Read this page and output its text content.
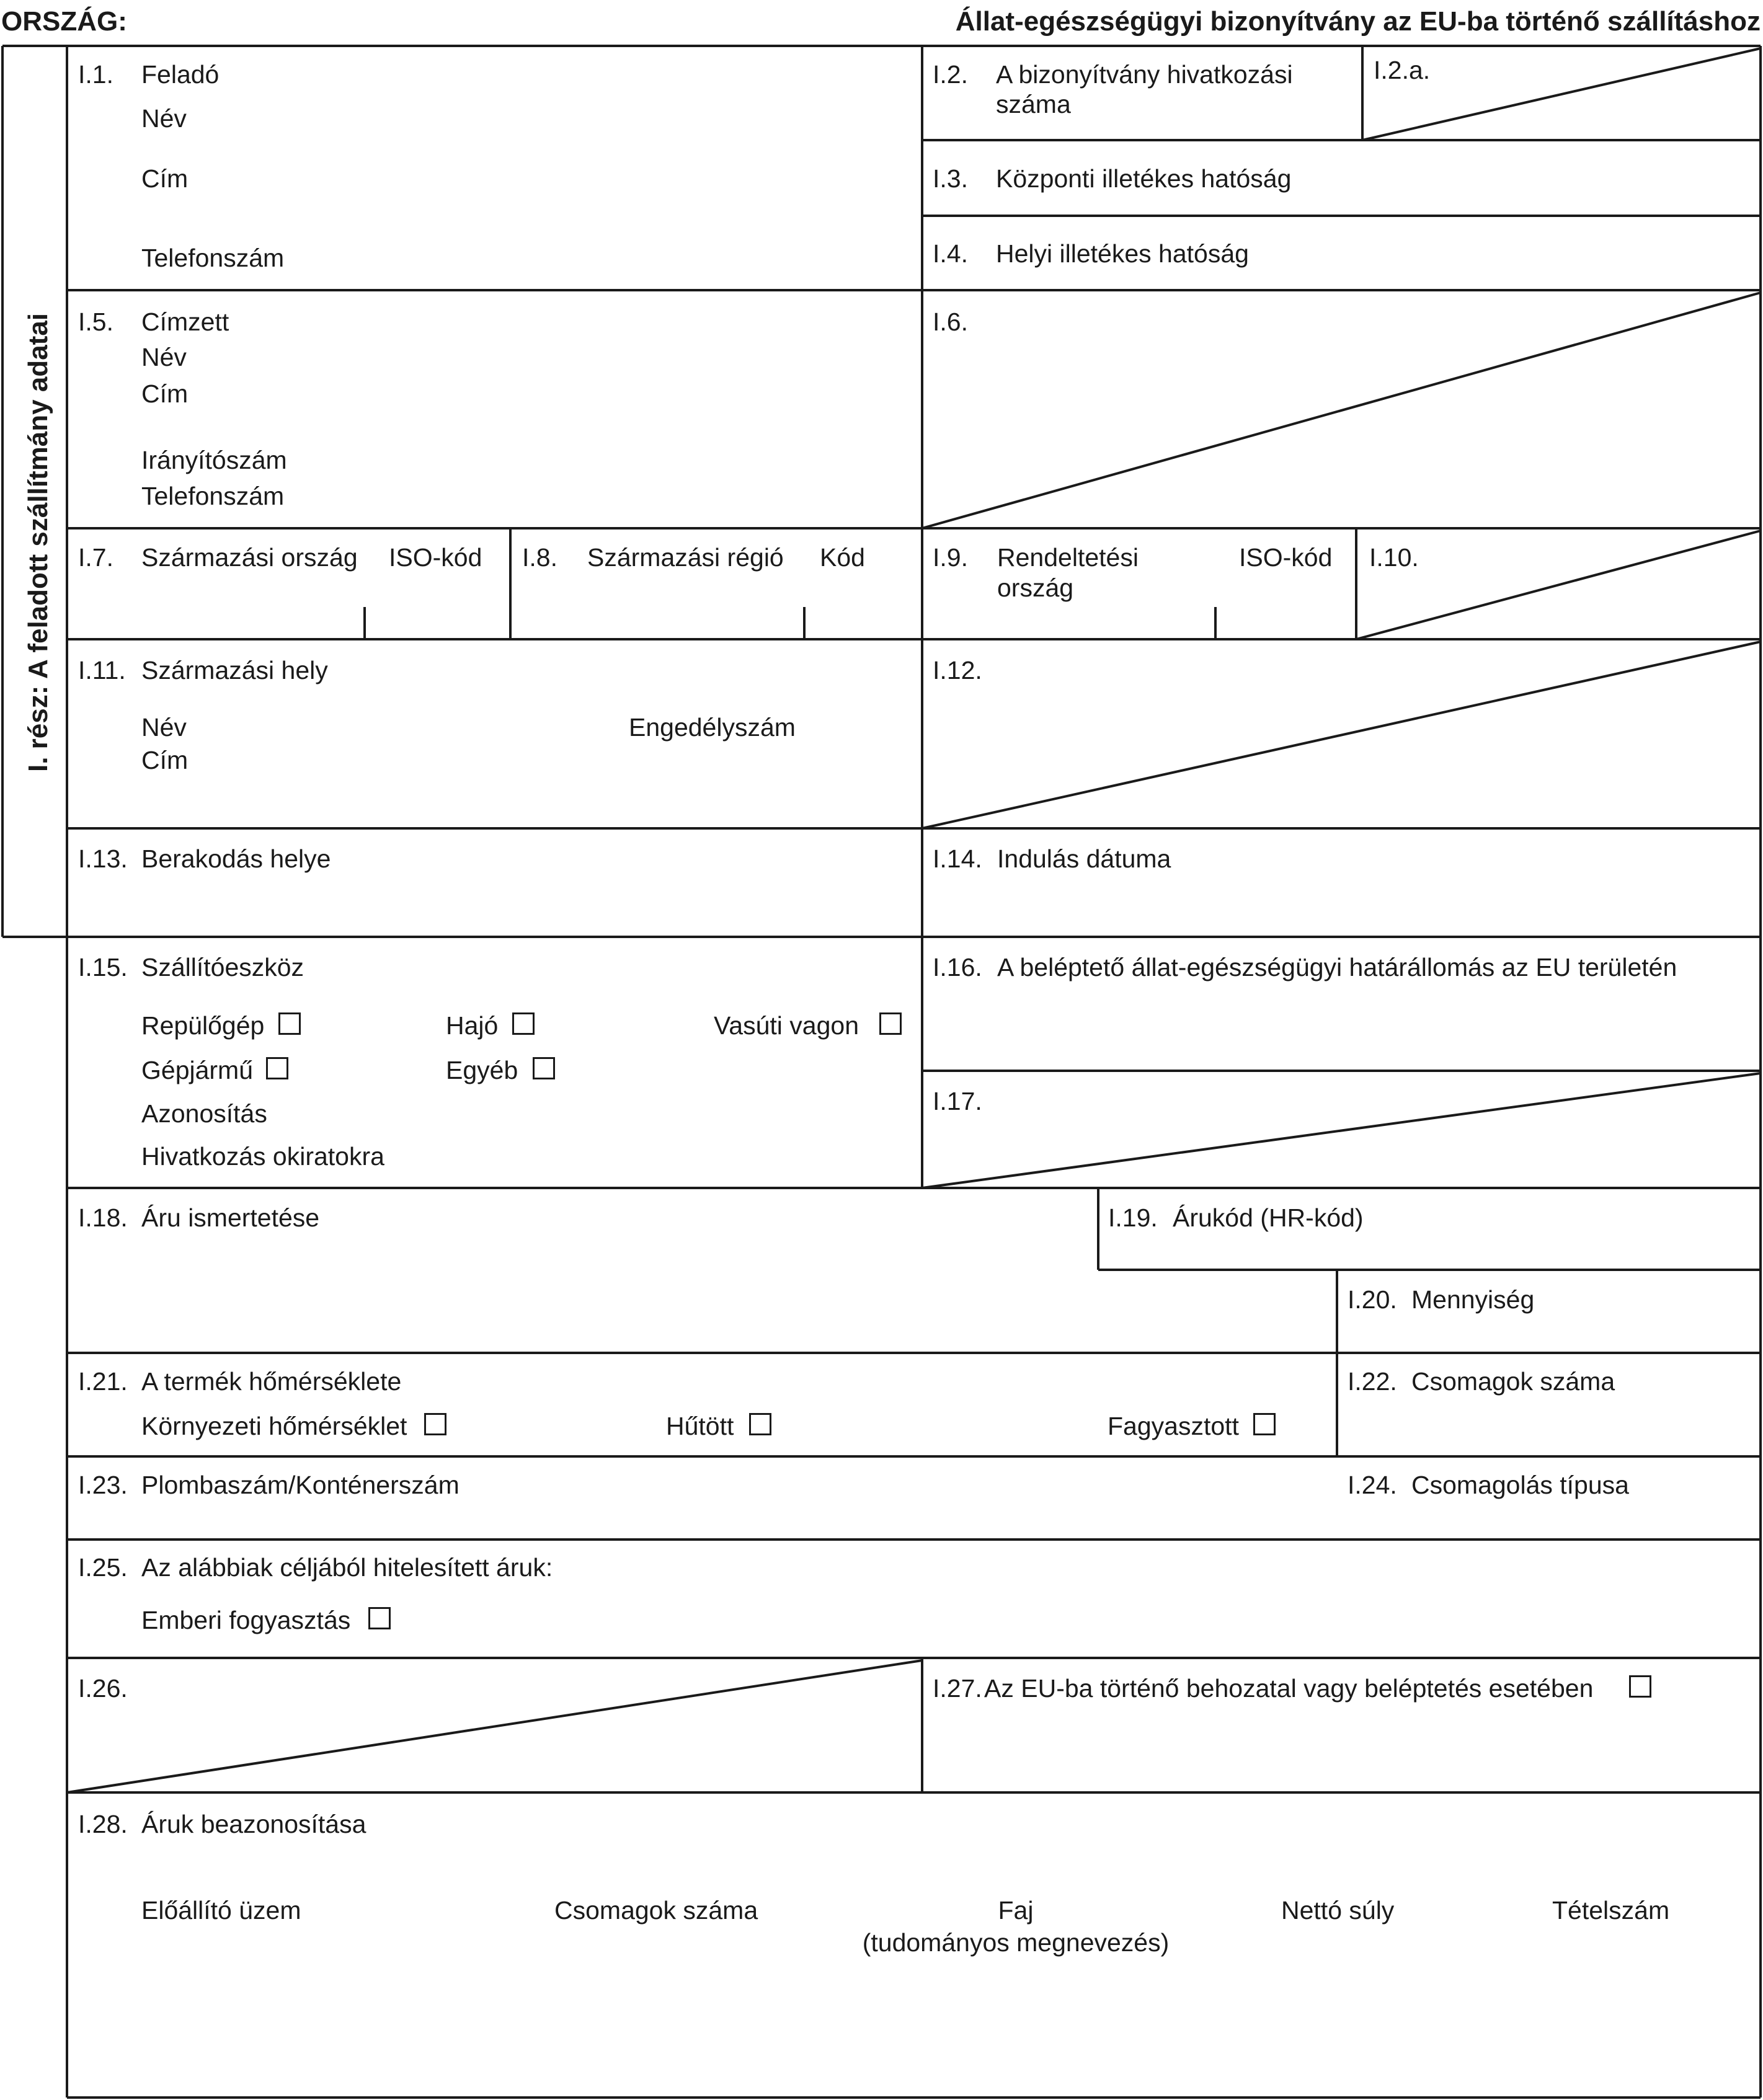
ORSZÁG:	Állat-egészségügyi bizonyítvány az EU-ba történő szállításhoz
I. rész: A feladott szállítmány adatai
I.1. Feladó
Név
Cím
Telefonszám
I.2. A bizonyítvány hivatkozási
száma
I.2.a.
I.3. Központi illetékes hatóság
I.4. Helyi illetékes hatóság
I.5. Címzett
Név
Cím
Irányítószám
Telefonszám
I.6.
I.7. Származási ország ISO-kód I.8. Származási régió Kód	I.9. Rendeltetési
ország
ISO-kód I.10.
I.11. Származási hely
Név	Engedélyszám
Cím
I.12.
I.13. Berakodás helye	I.14. Indulás dátuma
I.15. Szállítóeszköz
Repülőgép	Hajó	Vasúti vagon
Gépjármű	Egyéb
Azonosítás
Hivatkozás okiratokra
I.16. A beléptető állat-egészségügyi határállomás az EU területén
I.17.
I.18. Áru ismertetése	I.19. Árukód (HR-kód)
I.20. Mennyiség
I.21. A termék hőmérséklete
Környezeti hőmérséklet	Hűtött	Fagyasztott
I.22. Csomagok száma
I.23. Plombaszám/Konténerszám	I.24. Csomagolás típusa
I.25. Az alábbiak céljából hitelesített áruk:
Emberi fogyasztás
I.26.	I.27. Az EU-ba történő behozatal vagy beléptetés esetében
I.28. Áruk beazonosítása
Előállító üzem	Csomagok száma	Faj
(tudományos megnevezés)
Nettó súly	Tételszám
